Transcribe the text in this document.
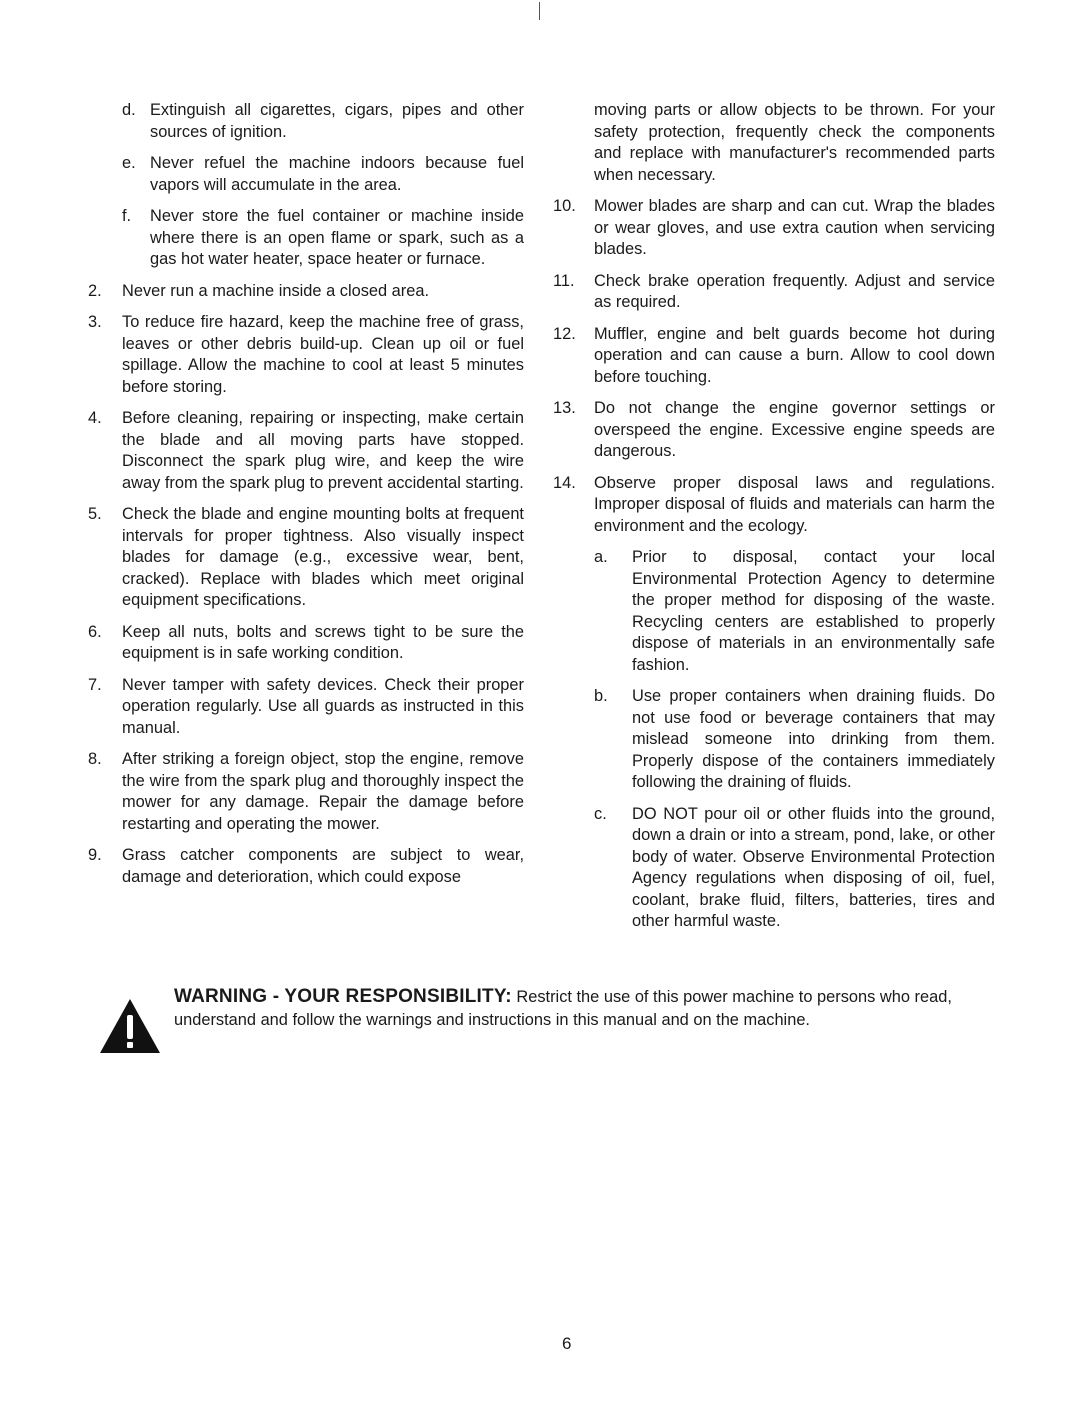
d. Extinguish all cigarettes, cigars, pipes and other sources of ignition.
e. Never refuel the machine indoors because fuel vapors will accumulate in the area.
f.	Never store the fuel container or machine inside where there is an open flame or spark, such as a gas hot water heater, space heater or furnace.
2.	Never run a machine inside a closed area.
3.	To reduce fire hazard, keep the machine free of grass, leaves or other debris build-up. Clean up oil or fuel spillage. Allow the machine to cool at least 5 minutes before storing.
4.	Before cleaning, repairing or inspecting, make certain the blade and all moving parts have stopped. Disconnect the spark plug wire, and keep the wire away from the spark plug to prevent accidental starting.
5.	Check the blade and engine mounting bolts at frequent intervals for proper tightness. Also visually inspect blades for damage (e.g., excessive wear, bent, cracked). Replace with blades which meet original equipment specifications.
6.	Keep all nuts, bolts and screws tight to be sure the equipment is in safe working condition.
7.	Never tamper with safety devices. Check their proper operation regularly. Use all guards as instructed in this manual.
8.	After striking a foreign object, stop the engine, remove the wire from the spark plug and thoroughly inspect the mower for any damage. Repair the damage before restarting and operating the mower.
9.	Grass catcher components are subject to wear, damage and deterioration, which could expose
moving parts or allow objects to be thrown. For your safety protection, frequently check the components and replace with manufacturer's recommended parts when necessary.
10.	Mower blades are sharp and can cut. Wrap the blades or wear gloves, and use extra caution when servicing blades.
11.	Check brake operation frequently. Adjust and service as required.
12.	Muffler, engine and belt guards become hot during operation and can cause a burn. Allow to cool down before touching.
13.	Do not change the engine governor settings or overspeed the engine. Excessive engine speeds are dangerous.
14.	Observe proper disposal laws and regulations. Improper disposal of fluids and materials can harm the environment and the ecology.
a.	Prior to disposal, contact your local Environmental Protection Agency to determine the proper method for disposing of the waste. Recycling centers are established to properly dispose of materials in an environmentally safe fashion.
b.	Use proper containers when draining fluids. Do not use food or beverage containers that may mislead someone into drinking from them. Properly dispose of the containers immediately following the draining of fluids.
c.	DO NOT pour oil or other fluids into the ground, down a drain or into a stream, pond, lake, or other body of water. Observe Environmental Protection Agency regulations when disposing of oil, fuel, coolant, brake fluid, filters, batteries, tires and other harmful waste.
WARNING - YOUR RESPONSIBILITY: Restrict the use of this power machine to persons who read, understand and follow the warnings and instructions in this manual and on the machine.
6
